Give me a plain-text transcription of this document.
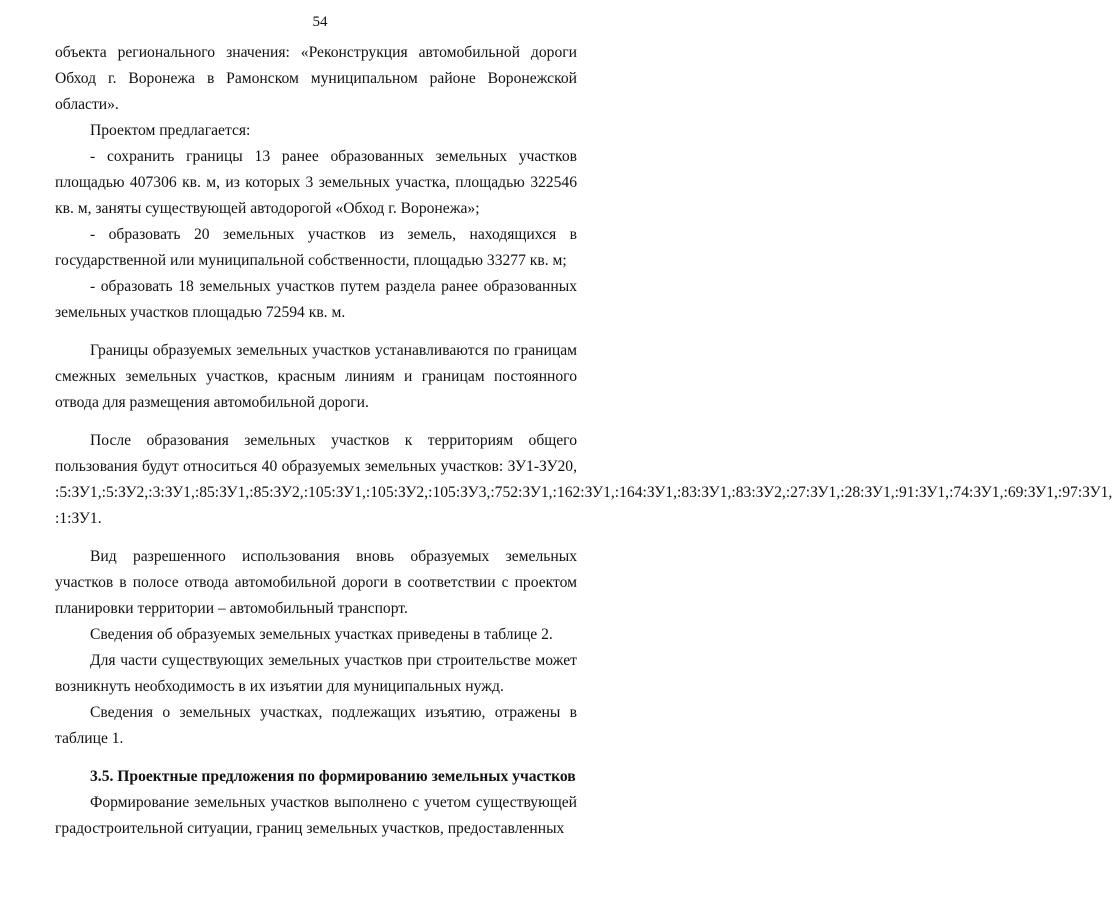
54

объекта регионального значения: «Реконструкция автомобильной дороги Обход г. Воронежа в Рамонском муниципальном районе Воронежской области».

Проектом предлагается:

- сохранить границы 13 ранее образованных земельных участков площадью 407306 кв. м, из которых 3 земельных участка, площадью 322546 кв. м, заняты существующей автодорогой «Обход г. Воронежа»;

- образовать 20 земельных участков из земель, находящихся в государственной или муниципальной собственности, площадью 33277 кв. м;

- образовать 18 земельных участков путем раздела ранее образованных земельных участков площадью 72594 кв. м.

Границы образуемых земельных участков устанавливаются по границам смежных земельных участков, красным линиям и границам постоянного отвода для размещения автомобильной дороги.

После образования земельных участков к территориям общего пользования будут относиться 40 образуемых земельных участков: ЗУ1-ЗУ20, :5:ЗУ1,:5:ЗУ2,:3:ЗУ1,:85:ЗУ1,:85:ЗУ2,:105:ЗУ1,:105:ЗУ2,:105:ЗУ3,:752:ЗУ1,:162:ЗУ1,:164:ЗУ1,:83:ЗУ1,:83:ЗУ2,:27:ЗУ1,:28:ЗУ1,:91:ЗУ1,:74:ЗУ1,:69:ЗУ1,:97:ЗУ1, :1:ЗУ1.

Вид разрешенного использования вновь образуемых земельных участков в полосе отвода автомобильной дороги в соответствии с проектом планировки территории – автомобильный транспорт.

Сведения об образуемых земельных участках приведены в таблице 2.

Для части существующих земельных участков при строительстве может возникнуть необходимость в их изъятии для муниципальных нужд.

Сведения о земельных участках, подлежащих изъятию, отражены в таблице 1.

3.5. Проектные предложения по формированию земельных участков

Формирование земельных участков выполнено с учетом существующей градостроительной ситуации, границ земельных участков, предоставленных
